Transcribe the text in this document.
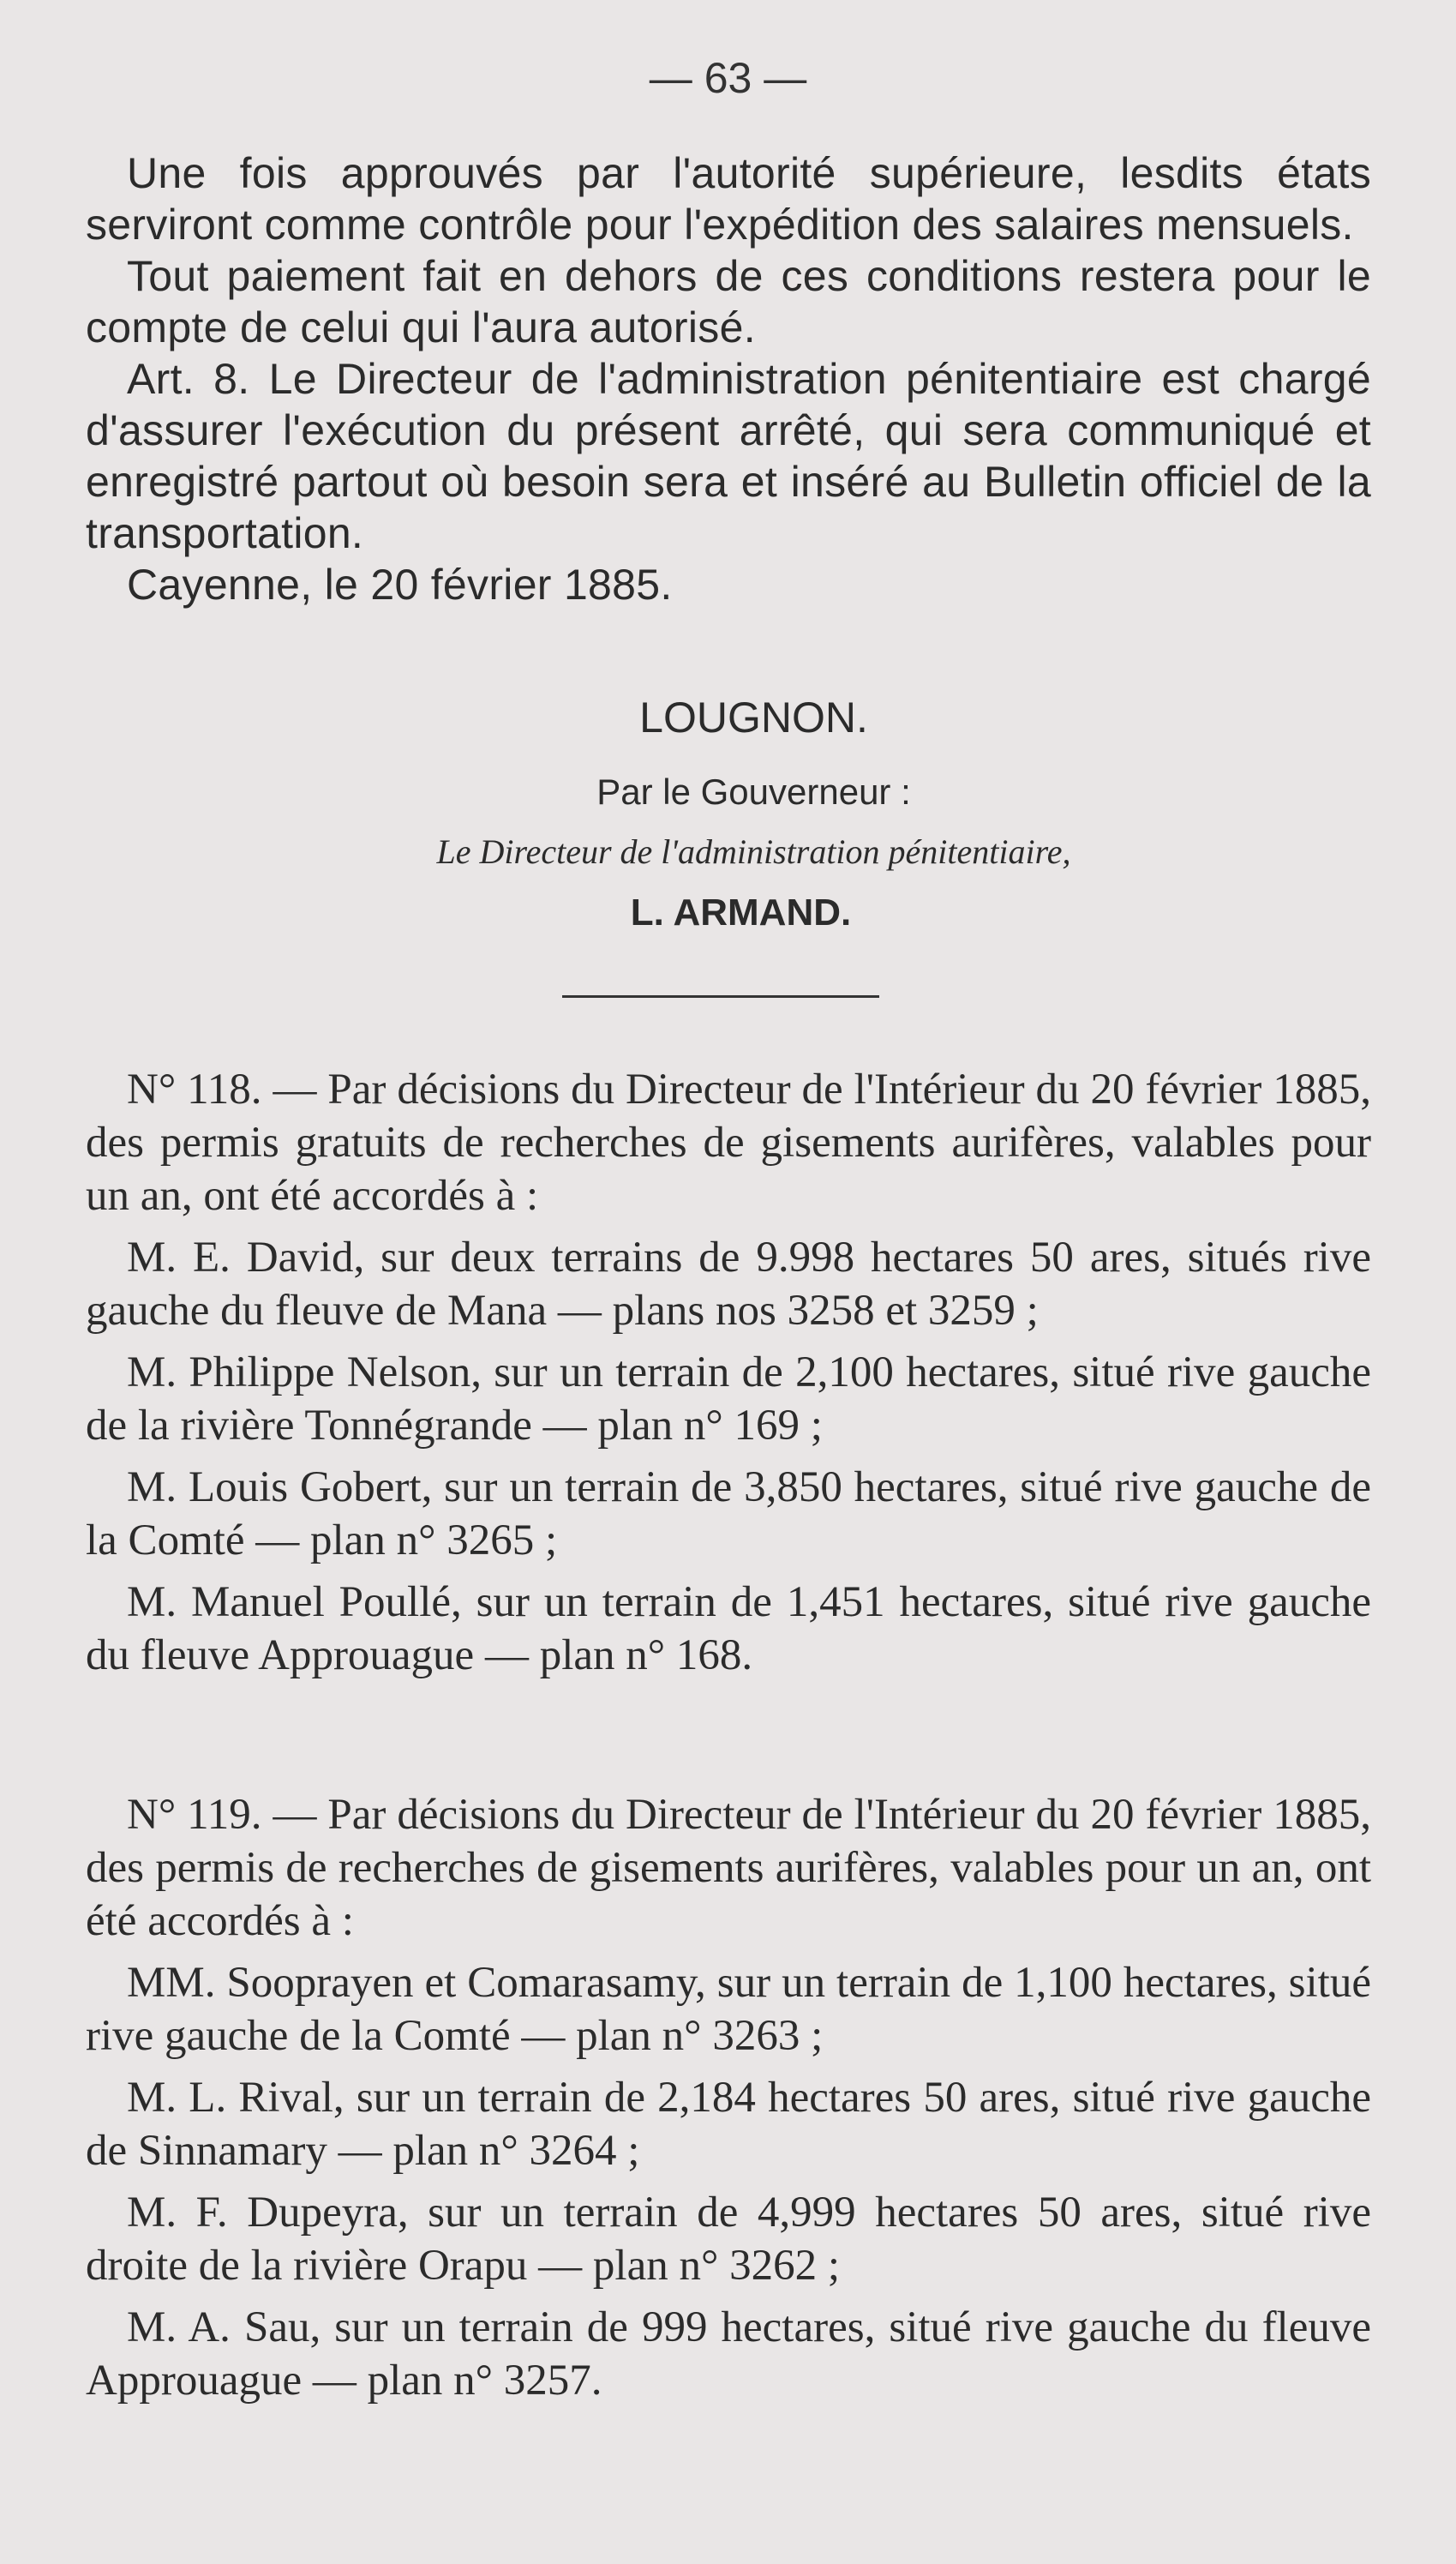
— 63 —

Une fois approuvés par l'autorité supérieure, lesdits états serviront comme contrôle pour l'expédition des salaires mensuels.

Tout paiement fait en dehors de ces conditions restera pour le compte de celui qui l'aura autorisé.

Art. 8. Le Directeur de l'administration pénitentiaire est chargé d'assurer l'exécution du présent arrêté, qui sera communiqué et enregistré partout où besoin sera et inséré au Bulletin officiel de la transportation.

Cayenne, le 20 février 1885.

LOUGNON.
Par le Gouverneur :
Le Directeur de l'administration pénitentiaire,
L. ARMAND.

N° 118. — Par décisions du Directeur de l'Intérieur du 20 février 1885, des permis gratuits de recherches de gisements aurifères, valables pour un an, ont été accordés à :

M. E. David, sur deux terrains de 9.998 hectares 50 ares, situés rive gauche du fleuve de Mana — plans nos 3258 et 3259 ;

M. Philippe Nelson, sur un terrain de 2,100 hectares, situé rive gauche de la rivière Tonnégrande — plan n° 169 ;

M. Louis Gobert, sur un terrain de 3,850 hectares, situé rive gauche de la Comté — plan n° 3265 ;

M. Manuel Poullé, sur un terrain de 1,451 hectares, situé rive gauche du fleuve Approuague — plan n° 168.

N° 119. — Par décisions du Directeur de l'Intérieur du 20 février 1885, des permis de recherches de gisements aurifères, valables pour un an, ont été accordés à :

MM. Sooprayen et Comarasamy, sur un terrain de 1,100 hectares, situé rive gauche de la Comté — plan n° 3263 ;

M. L. Rival, sur un terrain de 2,184 hectares 50 ares, situé rive gauche de Sinnamary — plan n° 3264 ;

M. F. Dupeyra, sur un terrain de 4,999 hectares 50 ares, situé rive droite de la rivière Orapu — plan n° 3262 ;

M. A. Sau, sur un terrain de 999 hectares, situé rive gauche du fleuve Approuague — plan n° 3257.
